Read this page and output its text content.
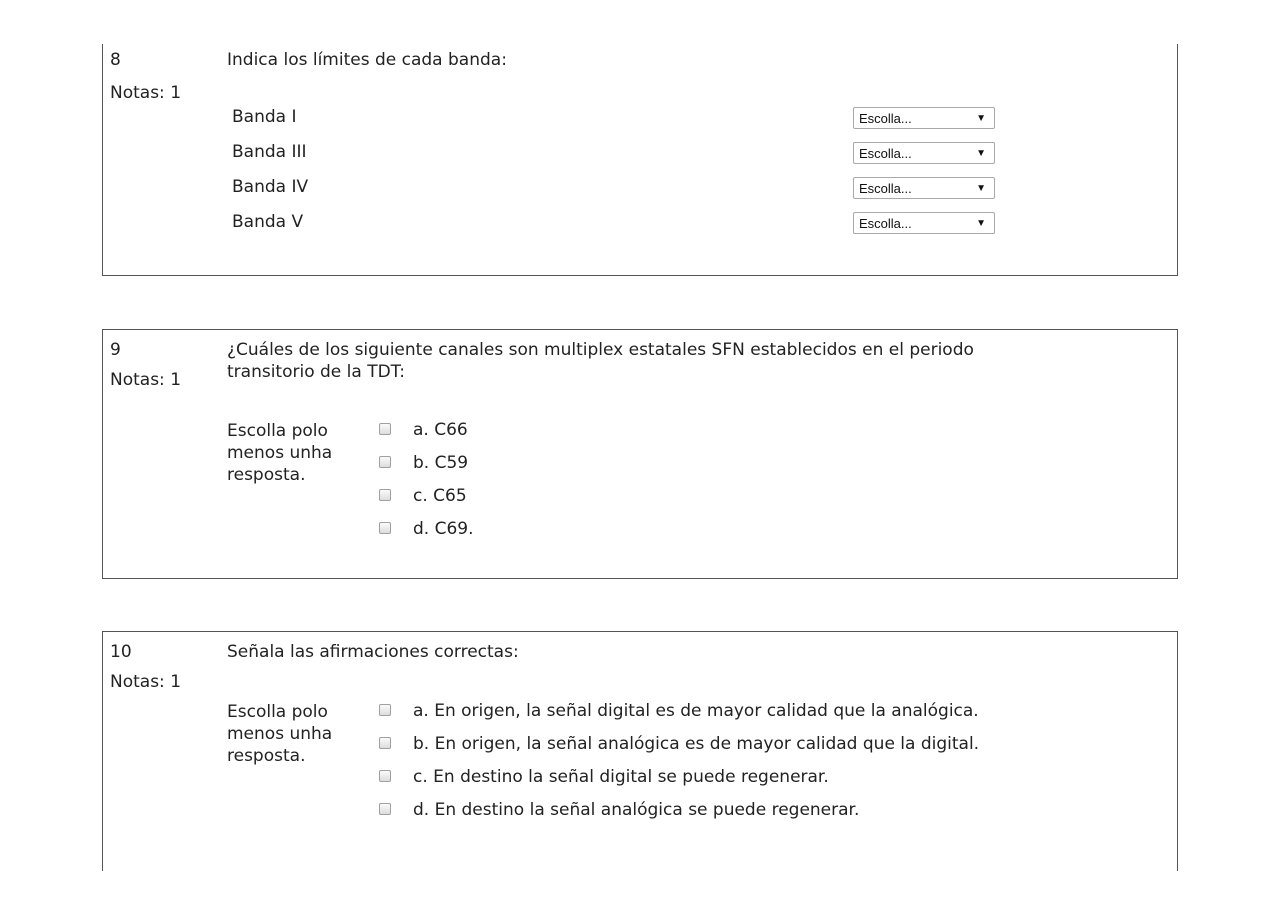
8
Notas: 1
Indica los límites de cada banda:
Banda I	Escolla...	▼
Banda III	Escolla...	▼
Banda IV	Escolla...	▼
Banda V	Escolla...	▼
9
Notas: 1
¿Cuáles de los siguiente canales son multiplex estatales SFN establecidos en el periodo
transitorio de la TDT:
Escolla polo menos unha resposta.
a. C66
b. C59
c. C65
d. C69.
10
Notas: 1
Señala las afirmaciones correctas:
Escolla polo menos unha resposta.
a. En origen, la señal digital es de mayor calidad que la analógica.
b. En origen, la señal analógica es de mayor calidad que la digital.
c. En destino la señal digital se puede regenerar.
d. En destino la señal analógica se puede regenerar.
